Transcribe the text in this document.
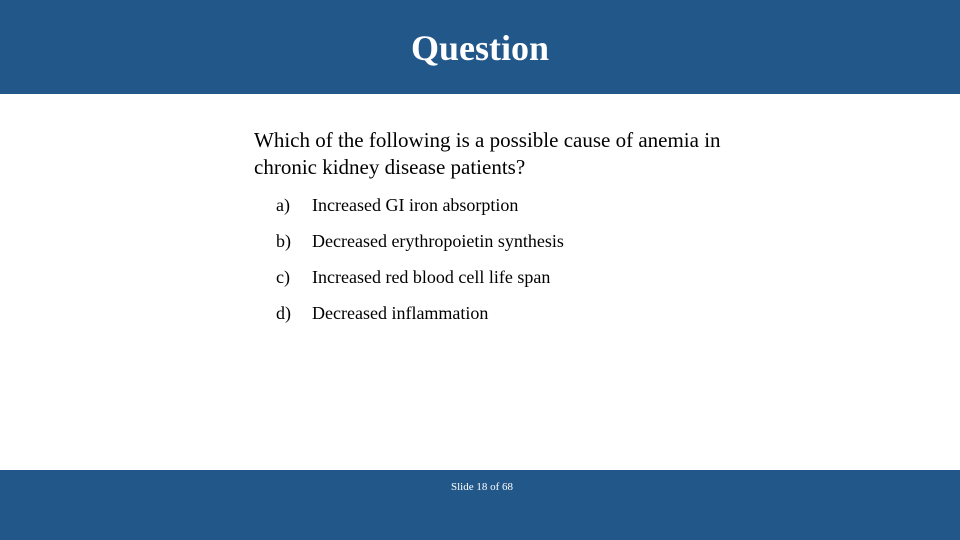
Question
Which of the following is a possible cause of anemia in chronic kidney disease patients?
a)	Increased GI iron absorption
b)	Decreased erythropoietin synthesis
c)	Increased red blood cell life span
d)	Decreased inflammation
Slide 18 of 68
